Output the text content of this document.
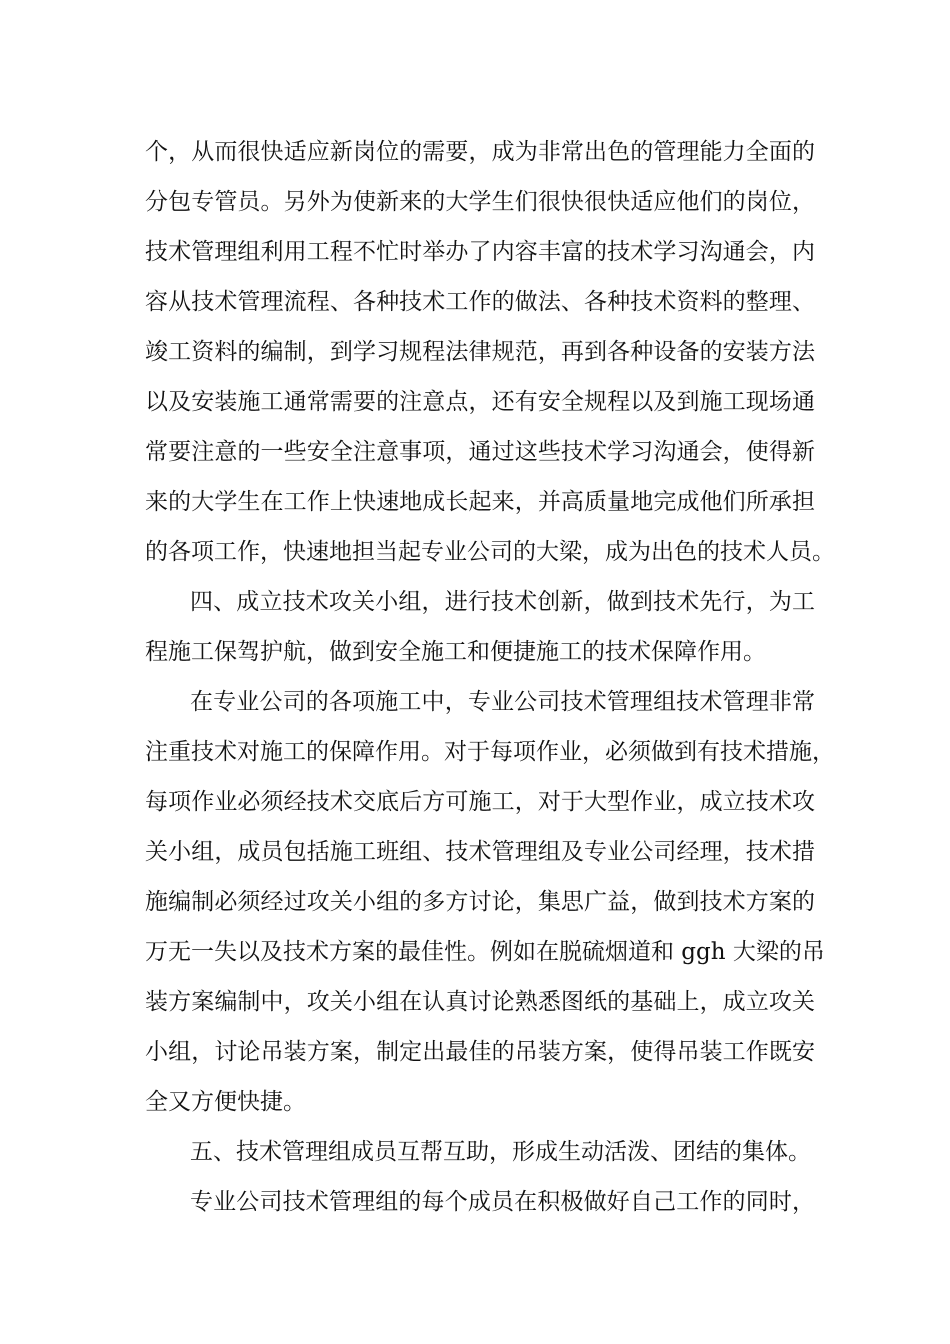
个，从而很快适应新岗位的需要，成为非常出色的管理能力全面的
分包专管员。另外为使新来的大学生们很快很快适应他们的岗位，
技术管理组利用工程不忙时举办了内容丰富的技术学习沟通会，内
容从技术管理流程、各种技术工作的做法、各种技术资料的整理、
竣工资料的编制，到学习规程法律规范，再到各种设备的安装方法
以及安装施工通常需要的注意点，还有安全规程以及到施工现场通
常要注意的一些安全注意事项，通过这些技术学习沟通会，使得新
来的大学生在工作上快速地成长起来，并高质量地完成他们所承担
的各项工作，快速地担当起专业公司的大梁，成为出色的技术人员。
四、成立技术攻关小组，进行技术创新，做到技术先行，为工
程施工保驾护航，做到安全施工和便捷施工的技术保障作用。
在专业公司的各项施工中，专业公司技术管理组技术管理非常
注重技术对施工的保障作用。对于每项作业，必须做到有技术措施，
每项作业必须经技术交底后方可施工，对于大型作业，成立技术攻
关小组，成员包括施工班组、技术管理组及专业公司经理，技术措
施编制必须经过攻关小组的多方讨论，集思广益，做到技术方案的
万无一失以及技术方案的最佳性。例如在脱硫烟道和 ggh 大梁的吊
装方案编制中，攻关小组在认真讨论熟悉图纸的基础上，成立攻关
小组，讨论吊装方案，制定出最佳的吊装方案，使得吊装工作既安
全又方便快捷。
五、技术管理组成员互帮互助，形成生动活泼、团结的集体。
专业公司技术管理组的每个成员在积极做好自己工作的同时，
